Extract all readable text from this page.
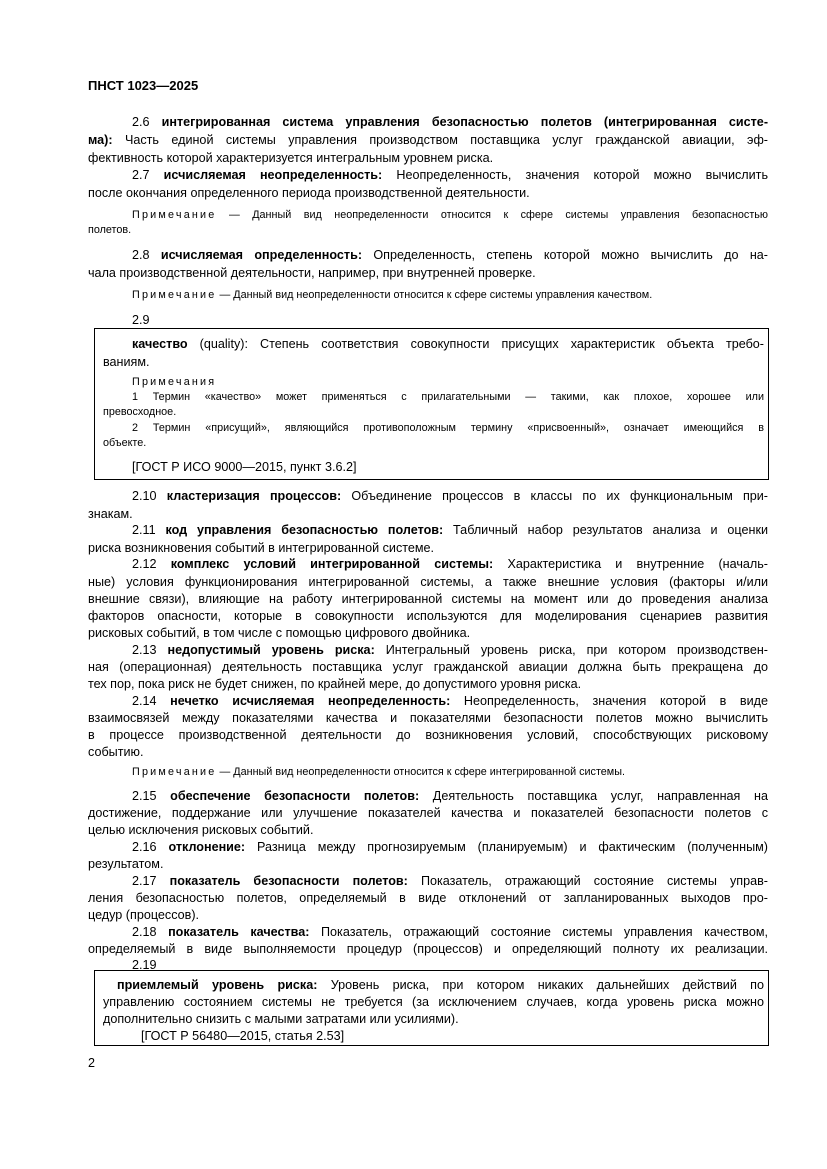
ПНСТ 1023—2025
2.6 интегрированная система управления безопасностью полетов (интегрированная систе-
ма): Часть единой системы управления производством поставщика услуг гражданской авиации, эф-
фективность которой характеризуется интегральным уровнем риска.
2.7 исчисляемая неопределенность: Неопределенность, значения которой можно вычислить
после окончания определенного периода производственной деятельности.
Примечание — Данный вид неопределенности относится к сфере системы управления безопасностью
полетов.
2.8 исчисляемая определенность: Определенность, степень которой можно вычислить до на-
чала производственной деятельности, например, при внутренней проверке.
Примечание — Данный вид неопределенности относится к сфере системы управления качеством.
2.9
качество (quality): Степень соответствия совокупности присущих характеристик объекта требо-
ваниям.
Примечания
1 Термин «качество» может применяться с прилагательными — такими, как плохое, хорошее или
превосходное.
2 Термин «присущий», являющийся противоположным термину «присвоенный», означает имеющийся в
объекте.
[ГОСТ Р ИСО 9000—2015, пункт 3.6.2]
2.10 кластеризация процессов: Объединение процессов в классы по их функциональным при-
знакам.
2.11 код управления безопасностью полетов: Табличный набор результатов анализа и оценки
риска возникновения событий в интегрированной системе.
2.12 комплекс условий интегрированной системы: Характеристика и внутренние (началь-
ные) условия функционирования интегрированной системы, а также внешние условия (факторы и/или
внешние связи), влияющие на работу интегрированной системы на момент или до проведения анализа
факторов опасности, которые в совокупности используются для моделирования сценариев развития
рисковых событий, в том числе с помощью цифрового двойника.
2.13 недопустимый уровень риска: Интегральный уровень риска, при котором производствен-
ная (операционная) деятельность поставщика услуг гражданской авиации должна быть прекращена до
тех пор, пока риск не будет снижен, по крайней мере, до допустимого уровня риска.
2.14 нечетко исчисляемая неопределенность: Неопределенность, значения которой в виде
взаимосвязей между показателями качества и показателями безопасности полетов можно вычислить
в процессе производственной деятельности до возникновения условий, способствующих рисковому
событию.
Примечание — Данный вид неопределенности относится к сфере интегрированной системы.
2.15 обеспечение безопасности полетов: Деятельность поставщика услуг, направленная на
достижение, поддержание или улучшение показателей качества и показателей безопасности полетов с
целью исключения рисковых событий.
2.16 отклонение: Разница между прогнозируемым (планируемым) и фактическим (полученным)
результатом.
2.17 показатель безопасности полетов: Показатель, отражающий состояние системы управ-
ления безопасностью полетов, определяемый в виде отклонений от запланированных выходов про-
цедур (процессов).
2.18 показатель качества: Показатель, отражающий состояние системы управления качеством,
определяемый в виде выполняемости процедур (процессов) и определяющий полноту их реализации.
2.19
приемлемый уровень риска: Уровень риска, при котором никаких дальнейших действий по
управлению состоянием системы не требуется (за исключением случаев, когда уровень риска можно
дополнительно снизить с малыми затратами или усилиями).
[ГОСТ Р 56480—2015, статья 2.53]
2
